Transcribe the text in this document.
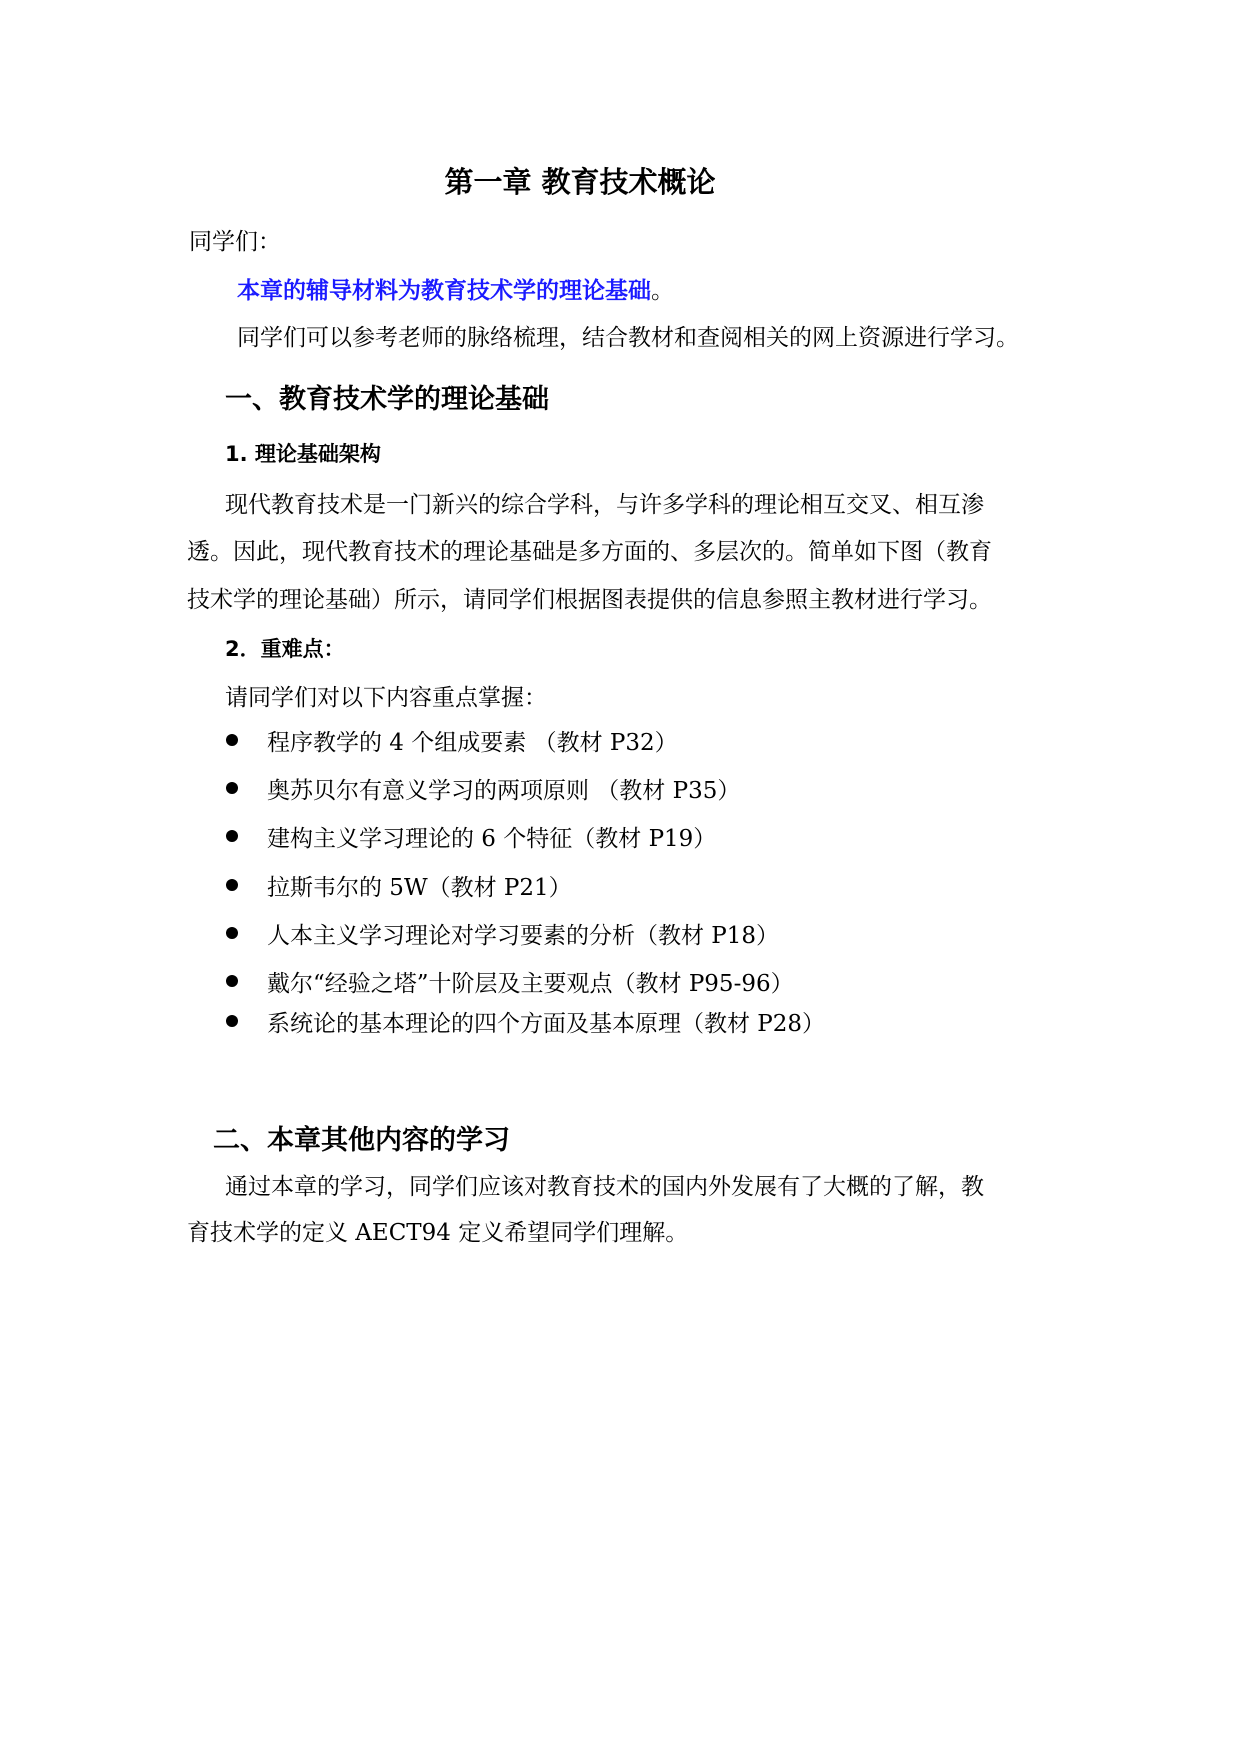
第一章 教育技术概论
同学们：
本章的辅导材料为教育技术学的理论基础。
同学们可以参考老师的脉络梳理，结合教材和查阅相关的网上资源进行学习。
一、教育技术学的理论基础
1. 理论基础架构
现代教育技术是一门新兴的综合学科，与许多学科的理论相互交叉、相互渗
透。因此，现代教育技术的理论基础是多方面的、多层次的。简单如下图（教育
技术学的理论基础）所示，请同学们根据图表提供的信息参照主教材进行学习。
2．重难点：
请同学们对以下内容重点掌握：
程序教学的 4 个组成要素 （教材 P32）
奥苏贝尔有意义学习的两项原则 （教材 P35）
建构主义学习理论的 6 个特征（教材 P19）
拉斯韦尔的 5W（教材 P21）
人本主义学习理论对学习要素的分析（教材 P18）
戴尔“经验之塔”十阶层及主要观点（教材 P95-96）
系统论的基本理论的四个方面及基本原理（教材 P28）
二、本章其他内容的学习
通过本章的学习，同学们应该对教育技术的国内外发展有了大概的了解，教
育技术学的定义 AECT94 定义希望同学们理解。
